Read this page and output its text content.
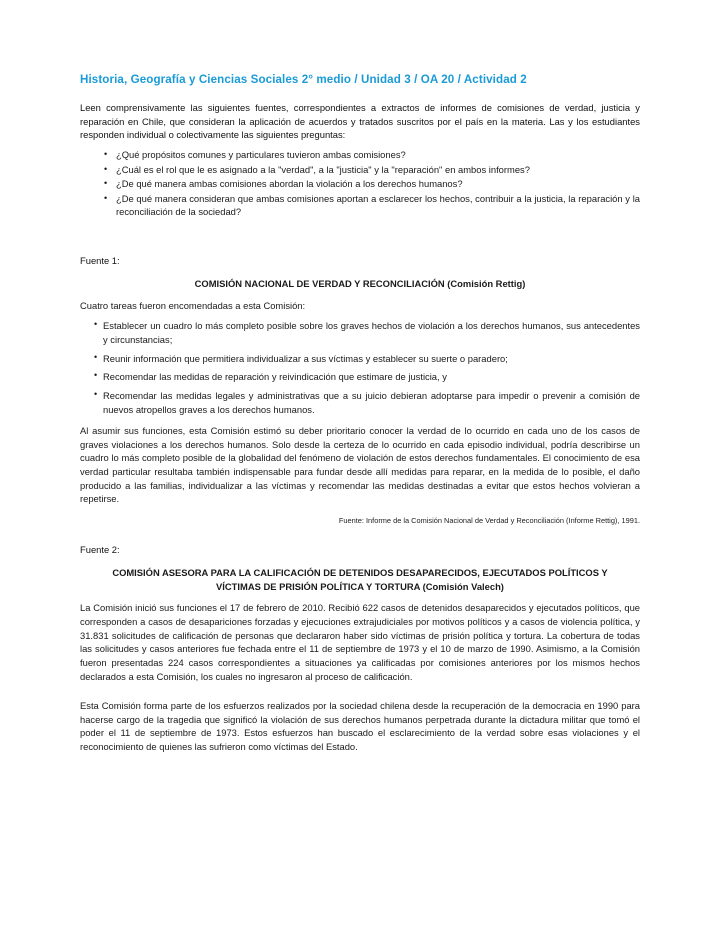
Historia, Geografía y Ciencias Sociales 2° medio / Unidad 3 / OA 20 / Actividad 2

Leen comprensivamente las siguientes fuentes, correspondientes a extractos de informes de comisiones de verdad, justicia y reparación en Chile, que consideran la aplicación de acuerdos y tratados suscritos por el país en la materia. Las y los estudiantes responden individual o colectivamente las siguientes preguntas:

• ¿Qué propósitos comunes y particulares tuvieron ambas comisiones?
• ¿Cuál es el rol que le es asignado a la "verdad", a la "justicia" y la "reparación" en ambos informes?
• ¿De qué manera ambas comisiones abordan la violación a los derechos humanos?
• ¿De qué manera consideran que ambas comisiones aportan a esclarecer los hechos, contribuir a la justicia, la reparación y la reconciliación de la sociedad?

Fuente 1:

COMISIÓN NACIONAL DE VERDAD Y RECONCILIACIÓN (Comisión Rettig)

Cuatro tareas fueron encomendadas a esta Comisión:

• Establecer un cuadro lo más completo posible sobre los graves hechos de violación a los derechos humanos, sus antecedentes y circunstancias;
• Reunir información que permitiera individualizar a sus víctimas y establecer su suerte o paradero;
• Recomendar las medidas de reparación y reivindicación que estimare de justicia, y
• Recomendar las medidas legales y administrativas que a su juicio debieran adoptarse para impedir o prevenir a comisión de nuevos atropellos graves a los derechos humanos.

Al asumir sus funciones, esta Comisión estimó su deber prioritario conocer la verdad de lo ocurrido en cada uno de los casos de graves violaciones a los derechos humanos. Solo desde la certeza de lo ocurrido en cada episodio individual, podría describirse un cuadro lo más completo posible de la globalidad del fenómeno de violación de estos derechos fundamentales. El conocimiento de esa verdad particular resultaba también indispensable para fundar desde allí medidas para reparar, en la medida de lo posible, el daño producido a las familias, individualizar a las víctimas y recomendar las medidas destinadas a evitar que estos hechos volvieran a repetirse.

Fuente: Informe de la Comisión Nacional de Verdad y Reconciliación (Informe Rettig), 1991.

Fuente 2:

COMISIÓN ASESORA PARA LA CALIFICACIÓN DE DETENIDOS DESAPARECIDOS, EJECUTADOS POLÍTICOS Y VÍCTIMAS DE PRISIÓN POLÍTICA Y TORTURA (Comisión Valech)

La Comisión inició sus funciones el 17 de febrero de 2010. Recibió 622 casos de detenidos desaparecidos y ejecutados políticos, que corresponden a casos de desapariciones forzadas y ejecuciones extrajudiciales por motivos políticos y a casos de violencia política, y 31.831 solicitudes de calificación de personas que declararon haber sido víctimas de prisión política y tortura. La cobertura de todas las solicitudes y casos anteriores fue fechada entre el 11 de septiembre de 1973 y el 10 de marzo de 1990. Asimismo, a la Comisión fueron presentadas 224 casos correspondientes a situaciones ya calificadas por comisiones anteriores por los mismos hechos declarados a esta Comisión, los cuales no ingresaron al proceso de calificación.

Esta Comisión forma parte de los esfuerzos realizados por la sociedad chilena desde la recuperación de la democracia en 1990 para hacerse cargo de la tragedia que significó la violación de sus derechos humanos perpetrada durante la dictadura militar que tomó el poder el 11 de septiembre de 1973. Estos esfuerzos han buscado el esclarecimiento de la verdad sobre esas violaciones y el reconocimiento de quienes las sufrieron como víctimas del Estado.
